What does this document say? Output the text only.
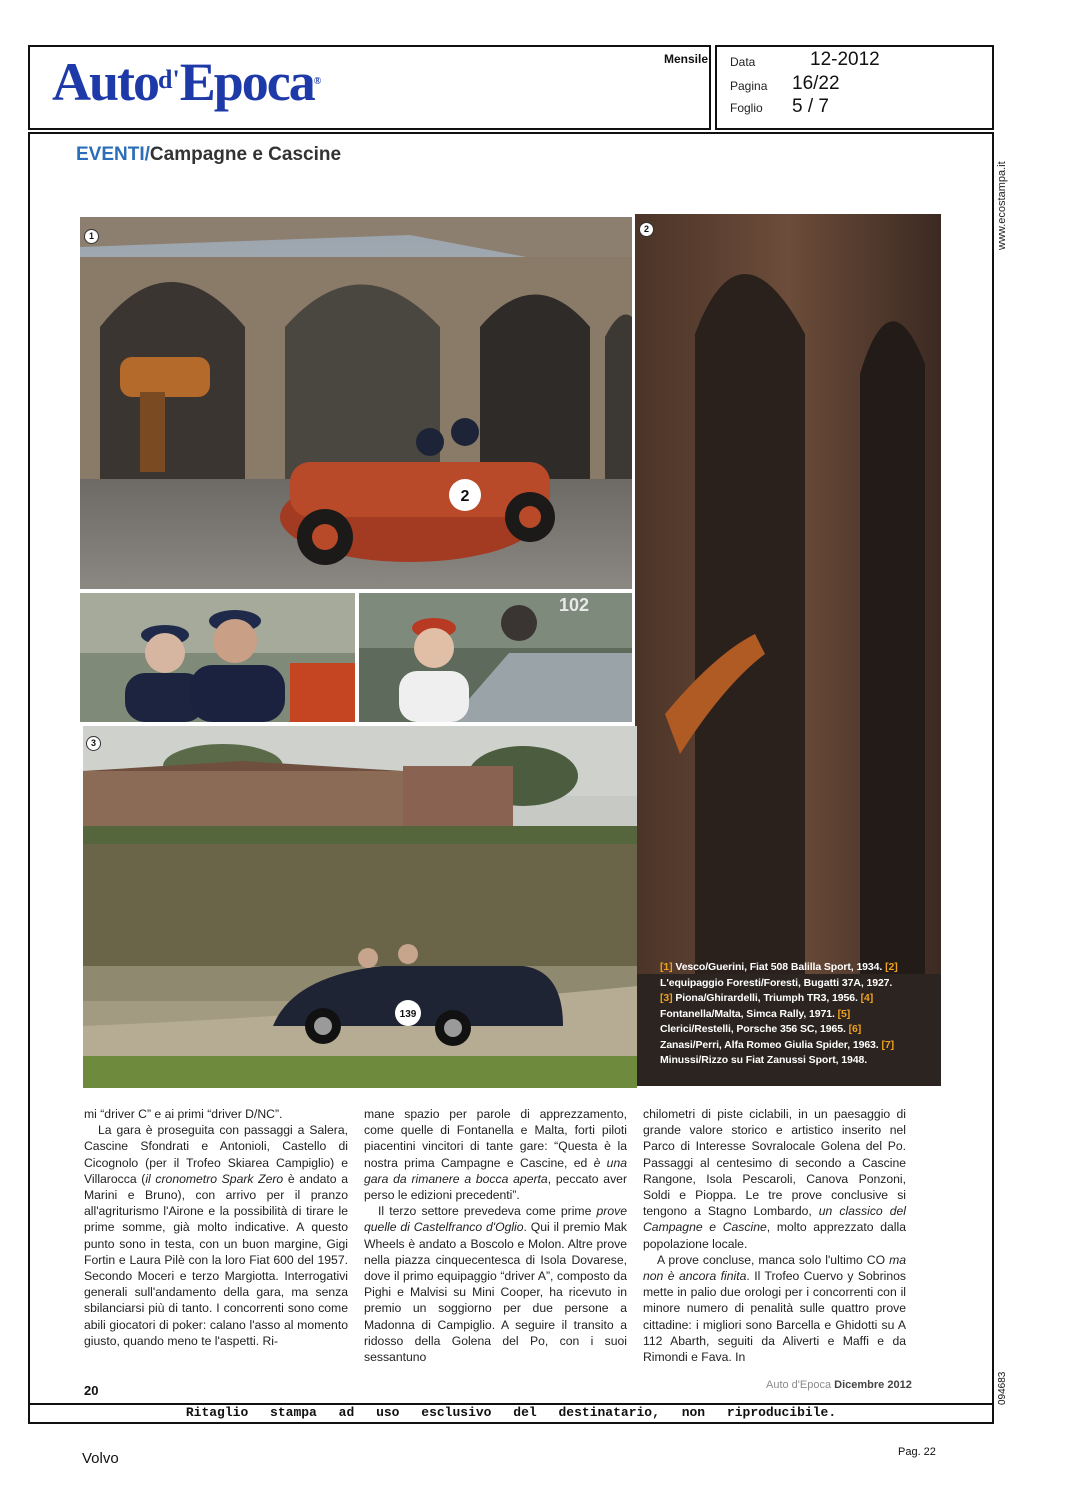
Auto$^{d'}$Epoca®
Mensile Data	12-2012
Pagina 16/22
Foglio 5 / 7
www.ecostampa.it
094683
EVENTI/Campagne e Cascine
2
1
2
102
139
3
[1] Vesco/Guerini, Fiat 508 Balilla Sport, 1934. [2] L'equipaggio Foresti/Foresti, Bugatti 37A, 1927. [3] Piona/Ghirardelli, Triumph TR3, 1956. [4] Fontanella/Malta, Simca Rally, 1971. [5] Clerici/Restelli, Porsche 356 SC, 1965. [6] Zanasi/Perri, Alfa Romeo Giulia Spider, 1963. [7] Minussi/Rizzo su Fiat Zanussi Sport, 1948.

mi “driver C” e ai primi “driver D/NC”.

La gara è proseguita con passaggi a Salera, Cascine Sfondrati e Antonioli, Castello di Cicognolo (per il Trofeo Skiarea Campiglio) e Villarocca (il cronometro Spark Zero è andato a Marini e Bruno), con arrivo per il pranzo all'agriturismo l'Airone e la possibilità di tirare le prime somme, già molto indicative. A questo punto sono in testa, con un buon margine, Gigi Fortin e Laura Pilè con la loro Fiat 600 del 1957. Secondo Moceri e terzo Margiotta. Interrogativi generali sull'andamento della gara, ma senza sbilanciarsi più di tanto. I concorrenti sono come abili giocatori di poker: calano l'asso al momento giusto, quando meno te l'aspetti. Ri-

mane spazio per parole di apprezzamento, come quelle di Fontanella e Malta, forti piloti piacentini vincitori di tante gare: “Questa è la nostra prima Campagne e Cascine, ed è una gara da rimanere a bocca aperta, peccato aver perso le edizioni precedenti”.

Il terzo settore prevedeva come prime prove quelle di Castelfranco d'Oglio. Qui il premio Mak Wheels è andato a Boscolo e Molon. Altre prove nella piazza cinquecentesca di Isola Dovarese, dove il primo equipaggio “driver A”, composto da Pighi e Malvisi su Mini Cooper, ha ricevuto in premio un soggiorno per due persone a Madonna di Campiglio. A seguire il transito a ridosso della Golena del Po, con i suoi sessantuno

chilometri di piste ciclabili, in un paesaggio di grande valore storico e artistico inserito nel Parco di Interesse Sovralocale Golena del Po. Passaggi al centesimo di secondo a Cascine Rangone, Isola Pescaroli, Canova Ponzoni, Soldi e Pioppa. Le tre prove conclusive si tengono a Stagno Lombardo, un classico del Campagne e Cascine, molto apprezzato dalla popolazione locale.

A prove concluse, manca solo l'ultimo CO ma non è ancora finita. Il Trofeo Cuervo y Sobrinos mette in palio due orologi per i concorrenti con il minore numero di penalità sulle quattro prove cittadine: i migliori sono Barcella e Ghidotti su A 112 Abarth, seguiti da Aliverti e Maffi e da Rimondi e Fava. In

20	Auto d'Epoca Dicembre 2012
Ritaglio stampa ad uso esclusivo del destinatario, non riproducibile.
Volvo	Pag. 22
